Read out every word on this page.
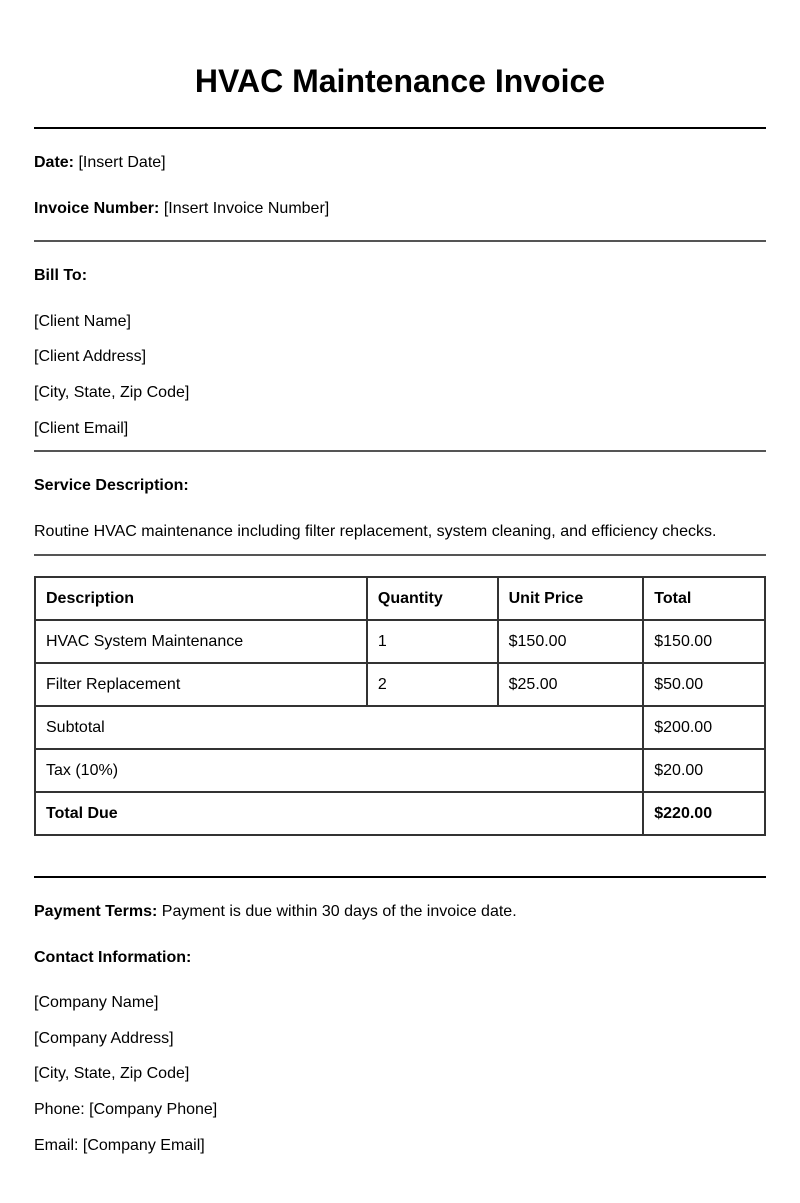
HVAC Maintenance Invoice
Date: [Insert Date]
Invoice Number: [Insert Invoice Number]
Bill To:
[Client Name]
[Client Address]
[City, State, Zip Code]
[Client Email]
Service Description:
Routine HVAC maintenance including filter replacement, system cleaning, and efficiency checks.
Description	Quantity	Unit Price	Total
HVAC System Maintenance	1	$150.00	$150.00
Filter Replacement	2	$25.00	$50.00
Subtotal			$200.00
Tax (10%)			$20.00
Total Due			$220.00
Payment Terms: Payment is due within 30 days of the invoice date.
Contact Information:
[Company Name]
[Company Address]
[City, State, Zip Code]
Phone: [Company Phone]
Email: [Company Email]
